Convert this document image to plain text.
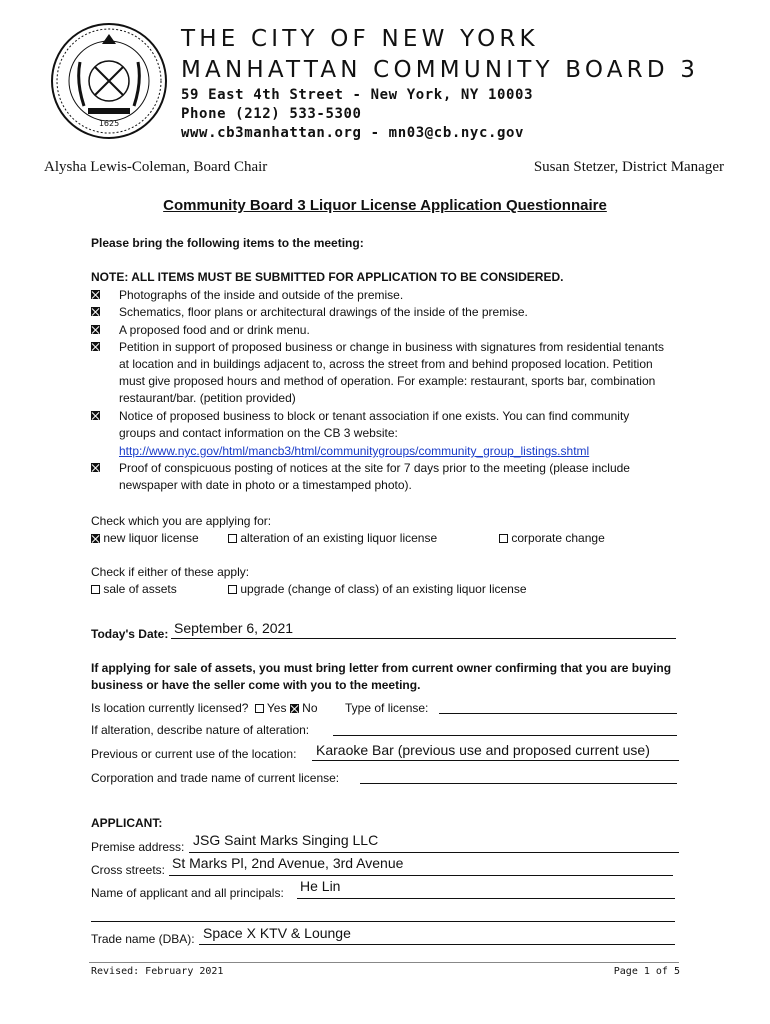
1625
THE CITY OF NEW YORK
MANHATTAN COMMUNITY BOARD 3
59 East 4th Street - New York, NY 10003
Phone (212) 533-5300
www.cb3manhattan.org - mn03@cb.nyc.gov
Alysha Lewis-Coleman, Board Chair	Susan Stetzer, District Manager
Community Board 3 Liquor License Application Questionnaire
Please bring the following items to the meeting:
NOTE: ALL ITEMS MUST BE SUBMITTED FOR APPLICATION TO BE CONSIDERED.
Photographs of the inside and outside of the premise.
Schematics, floor plans or architectural drawings of the inside of the premise.
A proposed food and or drink menu.
Petition in support of proposed business or change in business with signatures from residential tenants at location and in buildings adjacent to, across the street from and behind proposed location. Petition must give proposed hours and method of operation. For example: restaurant, sports bar, combination restaurant/bar. (petition provided)
Notice of proposed business to block or tenant association if one exists. You can find community groups and contact information on the CB 3 website:
http://www.nyc.gov/html/mancb3/html/communitygroups/community_group_listings.shtml
Proof of conspicuous posting of notices at the site for 7 days prior to the meeting (please include newspaper with date in photo or a timestamped photo).
Check which you are applying for:
new liquor license	alteration of an existing liquor license	corporate change
Check if either of these apply:
sale of assets	upgrade (change of class) of an existing liquor license
Today's Date: September 6, 2021
If applying for sale of assets, you must bring letter from current owner confirming that you are buying business or have the seller come with you to the meeting.
Is location currently licensed? Yes No Type of license:
If alteration, describe nature of alteration:
Previous or current use of the location: Karaoke Bar (previous use and proposed current use)
Corporation and trade name of current license:
APPLICANT:
Premise address: JSG Saint Marks Singing LLC
Cross streets: St Marks Pl, 2nd Avenue, 3rd Avenue
Name of applicant and all principals: He Lin
Trade name (DBA): Space X KTV & Lounge
Revised: February 2021	Page 1 of 5
